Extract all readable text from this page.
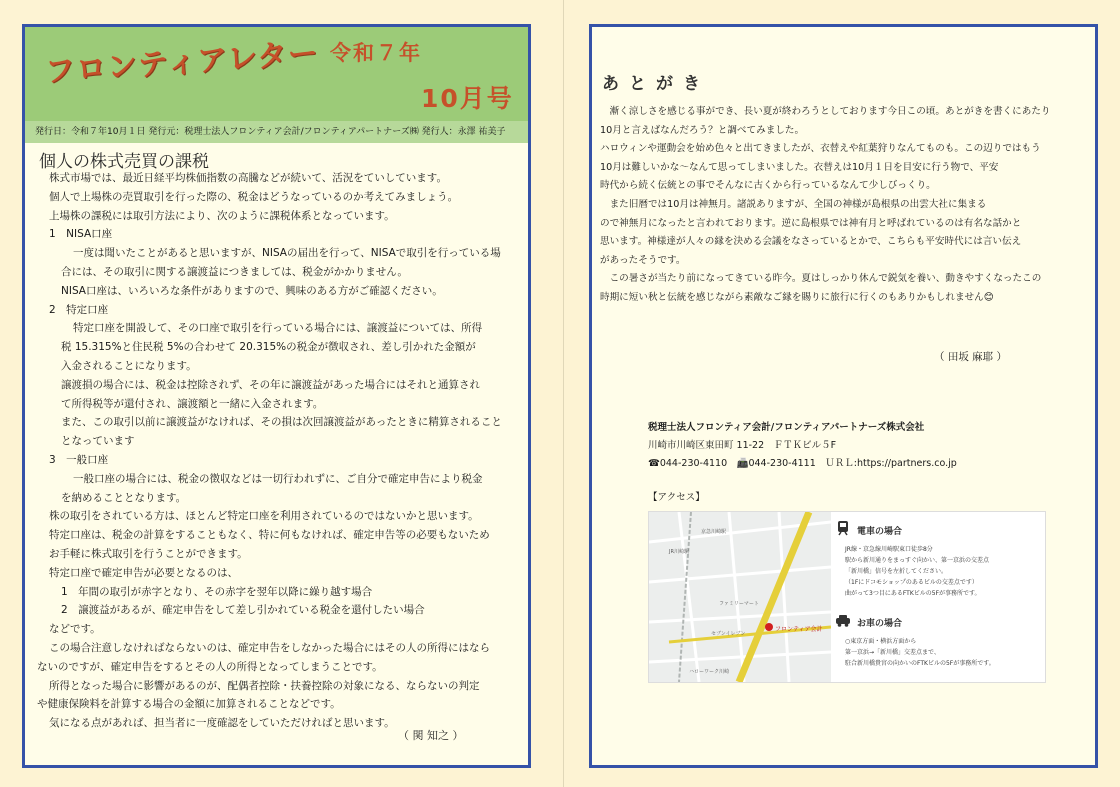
フロンティアレター 令和７年
10月号
発行日：令和７年10月１日 発行元：税理士法人フロンティア会計/フロンティアパートナーズ㈱ 発行人：永澤 祐美子
個人の株式売買の課税

株式市場では、最近日経平均株価指数の高騰などが続いて、活況をていしています。

個人で上場株の売買取引を行った際の、税金はどうなっているのか考えてみましょう。

上場株の課税には取引方法により、次のように課税体系となっています。

1　NISA口座

一度は聞いたことがあると思いますが、NISAの届出を行って、NISAで取引を行っている場

合には、その取引に関する譲渡益につきましては、税金がかかりません。

NISA口座は、いろいろな条件がありますので、興味のある方がご確認ください。

2　特定口座

特定口座を開設して、その口座で取引を行っている場合には、譲渡益については、所得

税 15.315%と住民税 5%の合わせて 20.315%の税金が徴収され、差し引かれた金額が

入金されることになります。

譲渡損の場合には、税金は控除されず、その年に譲渡益があった場合にはそれと通算され

て所得税等が還付され、譲渡額と一緒に入金されます。

また、この取引以前に譲渡益がなければ、その損は次回譲渡益があったときに精算されること

となっています

3　一般口座

一般口座の場合には、税金の徴収などは一切行われずに、ご自分で確定申告により税金

を納めることとなります。

株の取引をされている方は、ほとんど特定口座を利用されているのではないかと思います。

特定口座は、税金の計算をすることもなく、特に何もなければ、確定申告等の必要もないため

お手軽に株式取引を行うことができます。

特定口座で確定申告が必要となるのは、

1　年間の取引が赤字となり、その赤字を翌年以降に繰り越す場合

2　譲渡益があるが、確定申告をして差し引かれている税金を還付したい場合

などです。

この場合注意しなければならないのは、確定申告をしなかった場合にはその人の所得にはなら

ないのですが、確定申告をするとその人の所得となってしまうことです。

所得となった場合に影響があるのが、配偶者控除・扶養控除の対象になる、ならないの判定

や健康保険料を計算する場合の金額に加算されることなどです。

気になる点があれば、担当者に一度確認をしていただければと思います。

（ 関 知之 ）
あとがき

　漸く涼しさを感じる事ができ、長い夏が終わろうとしております今日この頃。あとがきを書くにあたり

10月と言えばなんだろう？と調べてみました。

ハロウィンや運動会を始め色々と出てきましたが、衣替えや紅葉狩りなんてものも。この辺りではもう

10月は難しいかな～なんて思ってしまいました。衣替えは10月１日を目安に行う物で、平安

時代から続く伝統との事でそんなに古くから行っているなんて少しびっくり。

　また旧暦では10月は神無月。諸説ありますが、全国の神様が島根県の出雲大社に集まる

ので神無月になったと言われております。逆に島根県では神有月と呼ばれているのは有名な話かと

思います。神様達が人々の縁を決める会議をなさっているとかで、こちらも平安時代には言い伝え

があったそうです。

　この暑さが当たり前になってきている昨今。夏はしっかり休んで鋭気を養い、動きやすくなったこの

時期に短い秋と伝統を感じながら素敵なご縁を賜りに旅行に行くのもありかもしれません😊

（ 田坂 麻耶 ）

税理士法人フロンティア会計/フロンティアパートナーズ株式会社

川崎市川崎区東田町 11-22　ＦＴＫビル５F

☎044-230-4110　📠044-230-4111　ＵＲＬ:https://partners.co.jp

【アクセス】
JR川崎駅
京急川崎駅
ファミリーマート
セブンイレブン
ハローワーク川崎
フロンティア会計
電車の場合

JR線・京急線川崎駅東口徒歩8分

駅から新川通りをまっすぐ向かい、第一京浜の交差点

「新川橋」信号を左折してください。

（1Fにドコモショップのあるビルの交差点です）

曲がって3つ目にあるFTKビルの5Fが事務所です。

お車の場合

○東京方面・横浜方面から

第一京浜→「新川橋」交差点まで、

駐合新川橋貴宮の向かいのFTKビルの5Fが事務所です。
